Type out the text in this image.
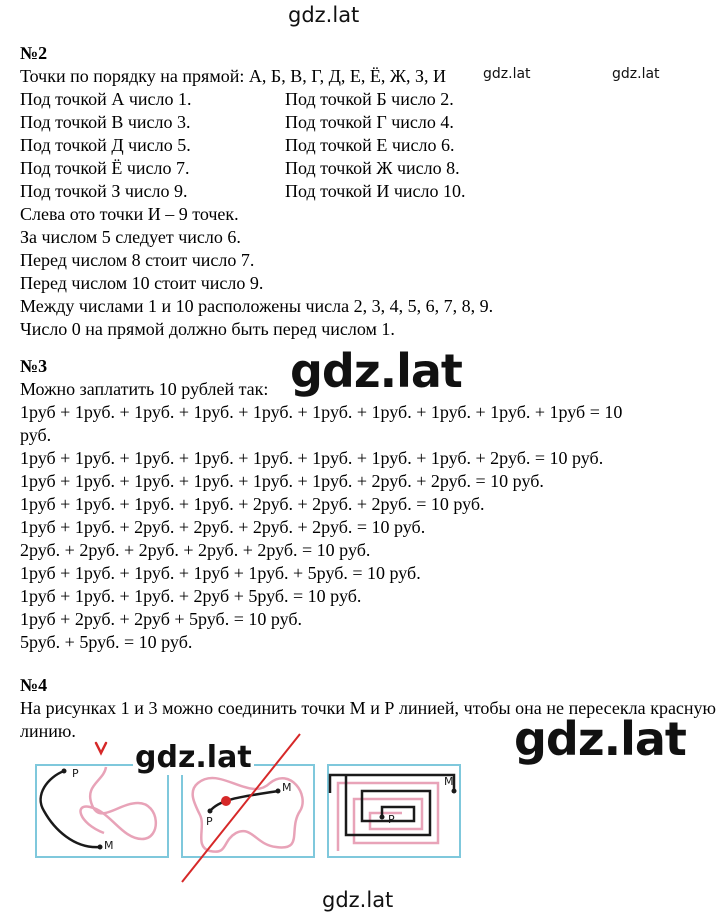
gdz.lat
№2
Точки по порядку на прямой: А, Б, В, Г, Д, Е, Ё, Ж, З, И	gdz.lat	gdz.lat
Под точкой А число 1.	Под точкой Б число 2.
Под точкой В число 3.	Под точкой Г число 4.
Под точкой Д число 5.	Под точкой Е число 6.
Под точкой Ё число 7.	Под точкой Ж число 8.
Под точкой З число 9.	Под точкой И число 10.
Слева ото точки И – 9 точек.
За числом 5 следует число 6.
Перед числом 8 стоит число 7.
Перед числом 10 стоит число 9.
Между числами 1 и 10 расположены числа 2, 3, 4, 5, 6, 7, 8, 9.
Число 0 на прямой должно быть перед числом 1.
№3
Можно заплатить 10 рублей так: gdz.lat
1руб + 1руб. + 1руб. + 1руб. + 1руб. + 1руб. + 1руб. + 1руб. + 1руб. + 1руб = 10
руб.
1руб + 1руб. + 1руб. + 1руб. + 1руб. + 1руб. + 1руб. + 1руб. + 2руб. = 10 руб.
1руб + 1руб. + 1руб. + 1руб. + 1руб. + 1руб. + 2руб. + 2руб. = 10 руб.
1руб + 1руб. + 1руб. + 1руб. + 2руб. + 2руб. + 2руб. = 10 руб.
1руб + 1руб. + 2руб. + 2руб. + 2руб. + 2руб. = 10 руб.
2руб. + 2руб. + 2руб. + 2руб. + 2руб. = 10 руб.
1руб + 1руб. + 1руб. + 1руб + 1руб. + 5руб. = 10 руб.
1руб + 1руб. + 1руб. + 2руб + 5руб. = 10 руб.
1руб + 2руб. + 2руб + 5руб. = 10 руб.
5руб. + 5руб. = 10 руб.
№4
На рисунках 1 и 3 можно соединить точки М и Р линией, чтобы она не пересекла красную линию.	gdz.lat
Р
М
Р
М	М
Р
gdz.lat
gdz.lat
